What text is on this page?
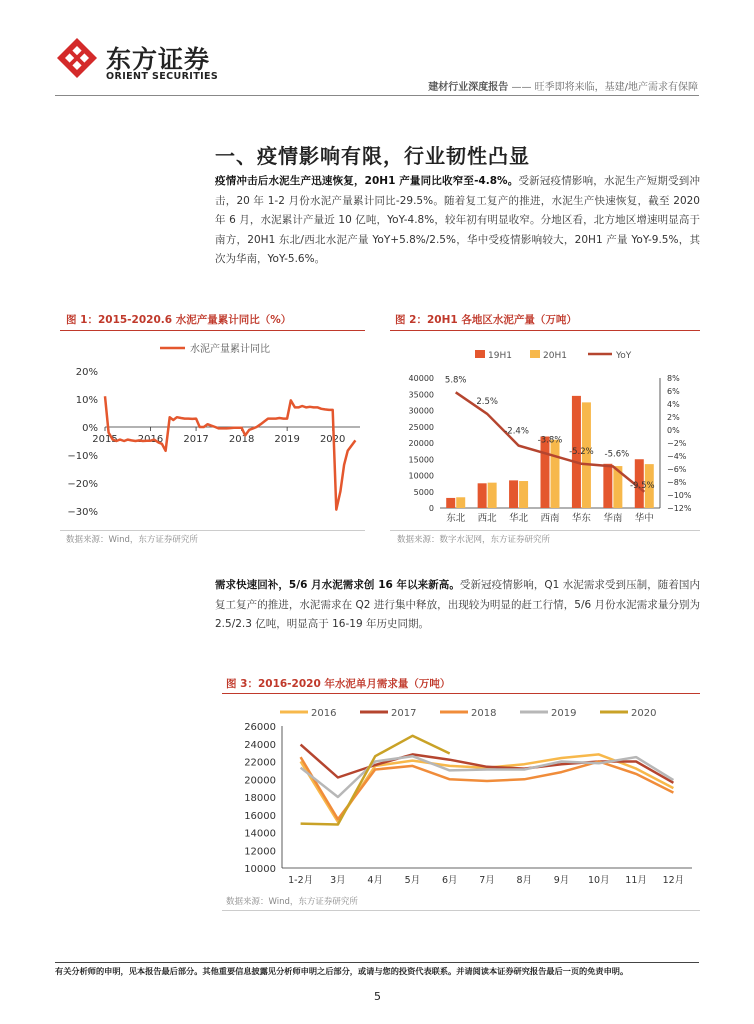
东方证券
ORIENT SECURITIES
建材行业深度报告 —— 旺季即将来临，基建/地产需求有保障
一、疫情影响有限，行业韧性凸显
疫情冲击后水泥生产迅速恢复，20H1 产量同比收窄至-4.8%。受新冠疫情影响，水泥生产短期受到冲击，20 年 1-2 月份水泥产量累计同比-29.5%。随着复工复产的推进，水泥生产快速恢复，截至 2020 年 6 月，水泥累计产量近 10 亿吨，YoY-4.8%，较年初有明显收窄。分地区看，北方地区增速明显高于南方，20H1 东北/西北水泥产量 YoY+5.8%/2.5%，华中受疫情影响较大，20H1 产量 YoY-9.5%，其次为华南，YoY-5.6%。
图 1：2015-2020.6 水泥产量累计同比（%）
水泥产量累计同比
20%
10%
0%
−10%
−20%
−30%
2015 2016 2017 2018 2019 2020
数据来源：Wind，东方证券研究所
图 2：20H1 各地区水泥产量（万吨）
19H1	20H1	YoY
40000
35000
30000
25000
20000
15000
10000
5000
0
8%
6%
4%
2%
0%
−2%
−4%
−6%
−8%
−10%
−12%
东北 西北 华北 西南 华东 华南 华中
5.8%
2.5%
-2.4%
-3.8%
-5.2% -5.6%
-9.5%
数据来源：数字水泥网，东方证券研究所
需求快速回补，5/6 月水泥需求创 16 年以来新高。受新冠疫情影响，Q1 水泥需求受到压制，随着国内复工复产的推进，水泥需求在 Q2 进行集中释放，出现较为明显的赶工行情，5/6 月份水泥需求量分别为 2.5/2.3 亿吨，明显高于 16-19 年历史同期。
图 3：2016-2020 年水泥单月需求量（万吨）
2016	2017	2018	2019	2020
26000
24000
22000
20000
18000
16000
14000
12000
10000
1-2月 3月 4月 5月 6月 7月 8月 9月 10月 11月 12月
数据来源：Wind，东方证券研究所
有关分析师的申明，见本报告最后部分。其他重要信息披露见分析师申明之后部分，或请与您的投资代表联系。并请阅读本证券研究报告最后一页的免责申明。
5
